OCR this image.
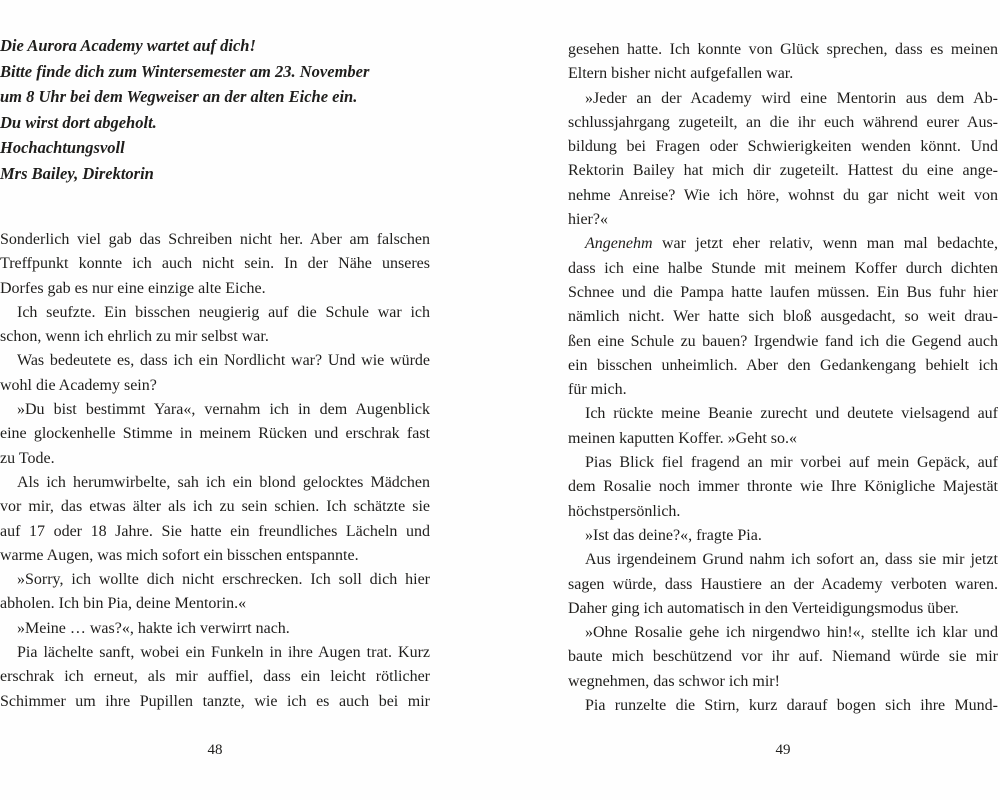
Die Aurora Academy wartet auf dich!
Bitte finde dich zum Wintersemester am 23. November
um 8 Uhr bei dem Wegweiser an der alten Eiche ein.
Du wirst dort abgeholt.
Hochachtungsvoll
Mrs Bailey, Direktorin
Sonderlich viel gab das Schreiben nicht her. Aber am falschen
Treffpunkt konnte ich auch nicht sein. In der Nähe unseres
Dorfes gab es nur eine einzige alte Eiche.
Ich seufzte. Ein bisschen neugierig auf die Schule war ich
schon, wenn ich ehrlich zu mir selbst war.
Was bedeutete es, dass ich ein Nordlicht war? Und wie würde
wohl die Academy sein?
»Du bist bestimmt Yara«, vernahm ich in dem Augenblick
eine glockenhelle Stimme in meinem Rücken und erschrak fast
zu Tode.
Als ich herumwirbelte, sah ich ein blond gelocktes Mädchen
vor mir, das etwas älter als ich zu sein schien. Ich schätzte sie
auf 17 oder 18 Jahre. Sie hatte ein freundliches Lächeln und
warme Augen, was mich sofort ein bisschen entspannte.
»Sorry, ich wollte dich nicht erschrecken. Ich soll dich hier
abholen. Ich bin Pia, deine Mentorin.«
»Meine … was?«, hakte ich verwirrt nach.
Pia lächelte sanft, wobei ein Funkeln in ihre Augen trat. Kurz
erschrak ich erneut, als mir auffiel, dass ein leicht rötlicher
Schimmer um ihre Pupillen tanzte, wie ich es auch bei mir
48
gesehen hatte. Ich konnte von Glück sprechen, dass es meinen
Eltern bisher nicht aufgefallen war.
»Jeder an der Academy wird eine Mentorin aus dem Ab-
schlussjahrgang zugeteilt, an die ihr euch während eurer Aus-
bildung bei Fragen oder Schwierigkeiten wenden könnt. Und
Rektorin Bailey hat mich dir zugeteilt. Hattest du eine ange-
nehme Anreise? Wie ich höre, wohnst du gar nicht weit von
hier?«
Angenehm war jetzt eher relativ, wenn man mal bedachte,
dass ich eine halbe Stunde mit meinem Koffer durch dichten
Schnee und die Pampa hatte laufen müssen. Ein Bus fuhr hier
nämlich nicht. Wer hatte sich bloß ausgedacht, so weit drau-
ßen eine Schule zu bauen? Irgendwie fand ich die Gegend auch
ein bisschen unheimlich. Aber den Gedankengang behielt ich
für mich.
Ich rückte meine Beanie zurecht und deutete vielsagend auf
meinen kaputten Koffer. »Geht so.«
Pias Blick fiel fragend an mir vorbei auf mein Gepäck, auf
dem Rosalie noch immer thronte wie Ihre Königliche Majestät
höchstpersönlich.
»Ist das deine?«, fragte Pia.
Aus irgendeinem Grund nahm ich sofort an, dass sie mir jetzt
sagen würde, dass Haustiere an der Academy verboten waren.
Daher ging ich automatisch in den Verteidigungsmodus über.
»Ohne Rosalie gehe ich nirgendwo hin!«, stellte ich klar und
baute mich beschützend vor ihr auf. Niemand würde sie mir
wegnehmen, das schwor ich mir!
Pia runzelte die Stirn, kurz darauf bogen sich ihre Mund-
49
